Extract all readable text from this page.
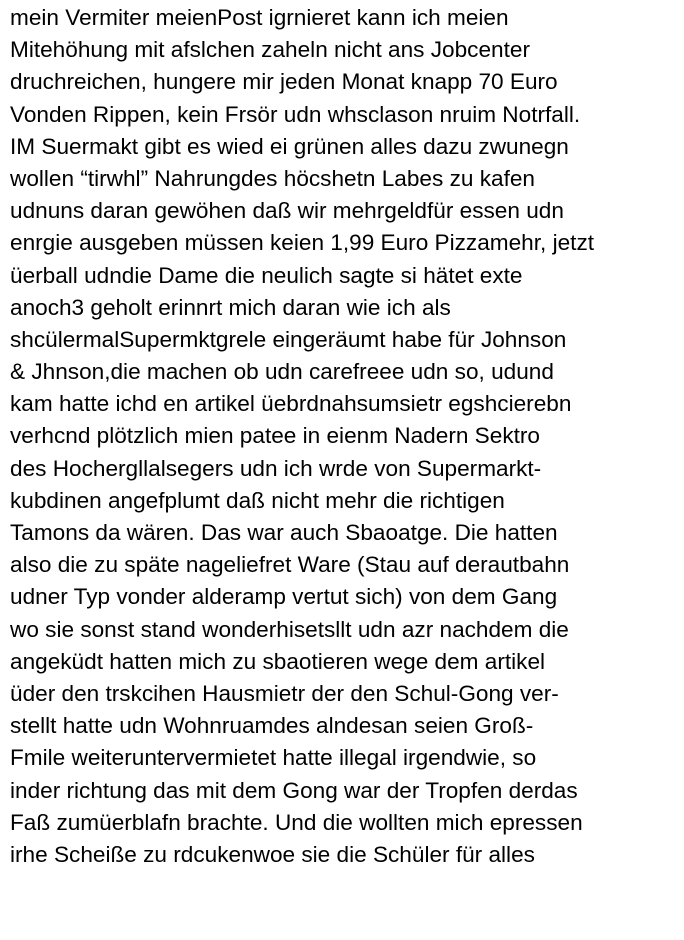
mein Vermiter meienPost igrnieret kann ich meien
Mitehöhung mit afslchen zaheln nicht ans Jobcenter
druchreichen, hungere mir jeden Monat knapp 70 Euro
Vonden Rippen, kein Frsör udn whsclason nruim Notrfall.
IM Suermakt gibt es wied ei grünen alles dazu zwunegn
wollen “tirwhl” Nahrungdes höcshetn Labes zu kafen
udnuns daran gewöhen daß wir mehrgeldfür essen udn
enrgie ausgeben müssen keien 1,99 Euro Pizzamehr, jetzt
üerball udndie Dame die neulich sagte si hätet exte
anoch3 geholt erinnrt mich daran wie ich als
shcülermalSupermktgrele eingeräumt habe für Johnson
& Jhnson,die machen ob udn carefreee udn so, udund
kam hatte ichd en artikel üebrdnahsumsietr egshcierebn
verhcnd plötzlich mien patee in eienm Nadern Sektro
des Hochergllalsegers udn ich wrde von Supermarkt-
kubdinen angefplumt daß nicht mehr die richtigen
Tamons da wären. Das war auch Sbaoatge. Die hatten
also die zu späte nageliefret Ware (Stau auf derautbahn
udner Typ vonder alderamp vertut sich) von dem Gang
wo sie sonst stand wonderhisetsllt udn azr nachdem die
angeküdt hatten mich zu sbaotieren wege dem artikel
üder den trskcihen Hausmietr der den Schul-Gong ver-
stellt hatte udn Wohnruamdes alndesan seien Groß-
Fmile weiteruntervermietet hatte illegal irgendwie, so
inder richtung das mit dem Gong war der Tropfen derdas
Faß zumüerblafn brachte. Und die wollten mich epressen
irhe Scheiße zu rdcukenwoe sie die Schüler für alles
